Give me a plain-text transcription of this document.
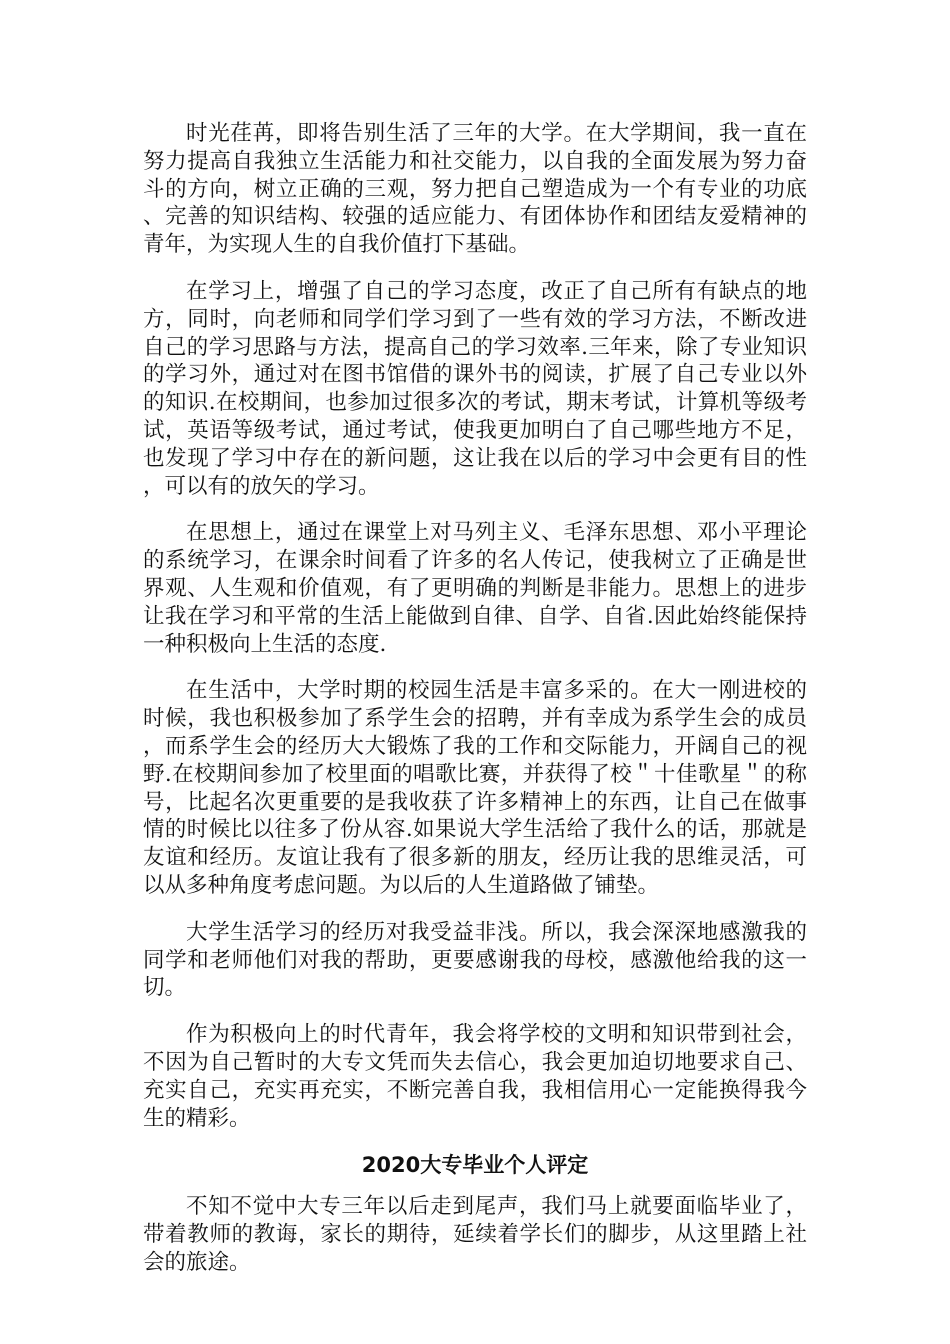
时光荏苒，即将告别生活了三年的大学。在大学期间，我一直在努力提高自我独立生活能力和社交能力，以自我的全面发展为努力奋斗的方向，树立正确的三观，努力把自己塑造成为一个有专业的功底、完善的知识结构、较强的适应能力、有团体协作和团结友爱精神的青年，为实现人生的自我价值打下基础。

在学习上，增强了自己的学习态度，改正了自己所有有缺点的地方，同时，向老师和同学们学习到了一些有效的学习方法，不断改进自己的学习思路与方法，提高自己的学习效率.三年来，除了专业知识的学习外，通过对在图书馆借的课外书的阅读，扩展了自己专业以外的知识.在校期间，也参加过很多次的考试，期末考试，计算机等级考试，英语等级考试，通过考试，使我更加明白了自己哪些地方不足，也发现了学习中存在的新问题，这让我在以后的学习中会更有目的性，可以有的放矢的学习。

在思想上，通过在课堂上对马列主义、毛泽东思想、邓小平理论的系统学习，在课余时间看了许多的名人传记，使我树立了正确是世界观、人生观和价值观，有了更明确的判断是非能力。思想上的进步让我在学习和平常的生活上能做到自律、自学、自省.因此始终能保持一种积极向上生活的态度.

在生活中，大学时期的校园生活是丰富多采的。在大一刚进校的时候，我也积极参加了系学生会的招聘，并有幸成为系学生会的成员，而系学生会的经历大大锻炼了我的工作和交际能力，开阔自己的视野.在校期间参加了校里面的唱歌比赛，并获得了校＂十佳歌星＂的称号，比起名次更重要的是我收获了许多精神上的东西，让自己在做事情的时候比以往多了份从容.如果说大学生活给了我什么的话，那就是友谊和经历。友谊让我有了很多新的朋友，经历让我的思维灵活，可以从多种角度考虑问题。为以后的人生道路做了铺垫。

大学生活学习的经历对我受益非浅。所以，我会深深地感激我的同学和老师他们对我的帮助，更要感谢我的母校，感激他给我的这一切。

作为积极向上的时代青年，我会将学校的文明和知识带到社会，不因为自己暂时的大专文凭而失去信心，我会更加迫切地要求自己、充实自己，充实再充实，不断完善自我，我相信用心一定能换得我今生的精彩。

2020大专毕业个人评定

不知不觉中大专三年以后走到尾声，我们马上就要面临毕业了，带着教师的教诲，家长的期待，延续着学长们的脚步，从这里踏上社会的旅途。
